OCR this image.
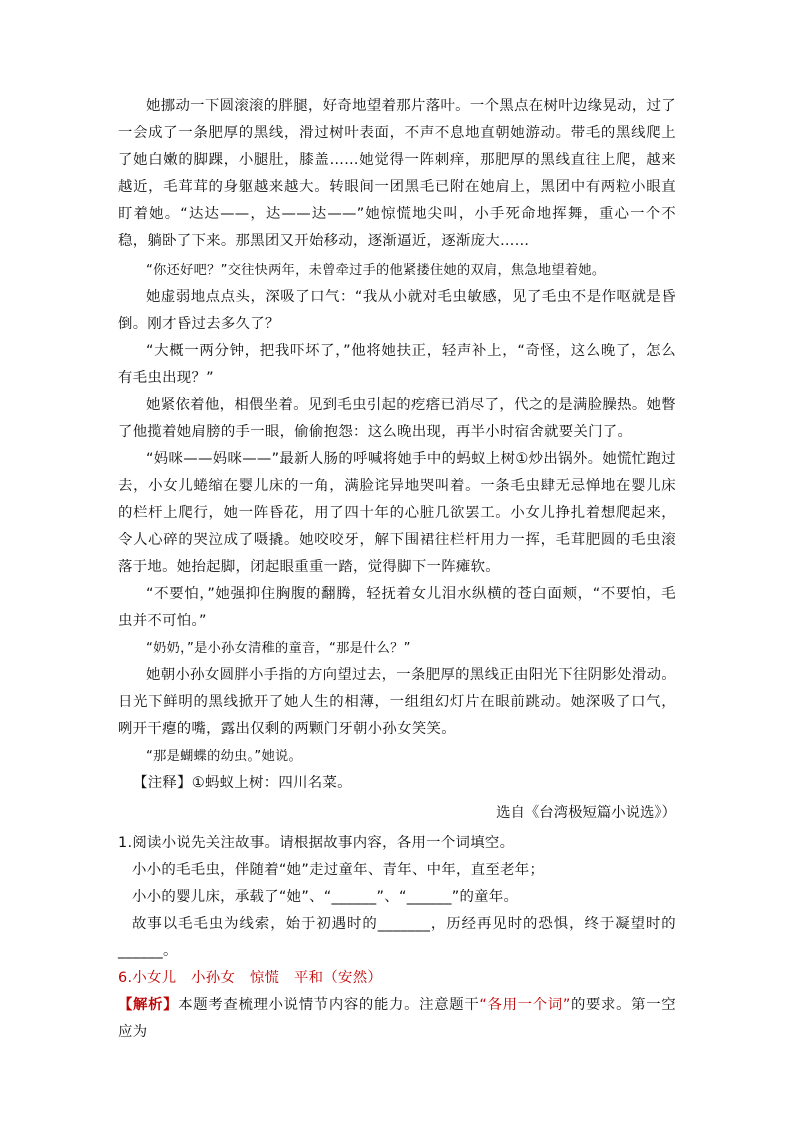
她挪动一下圆滚滚的胖腿，好奇地望着那片落叶。一个黑点在树叶边缘晃动，过了一会成了一条肥厚的黑线，滑过树叶表面，不声不息地直朝她游动。带毛的黑线爬上了她白嫩的脚踝，小腿肚，膝盖……她觉得一阵刺痒，那肥厚的黑线直往上爬，越来越近，毛茸茸的身躯越来越大。转眼间一团黑毛已附在她肩上，黑团中有两粒小眼直盯着她。“达达——，达——达——”她惊慌地尖叫，小手死命地挥舞，重心一个不稳，躺卧了下来。那黑团又开始移动，逐渐逼近，逐渐庞大……

“你还好吧？”交往快两年，未曾牵过手的他紧搂住她的双肩，焦急地望着她。

她虚弱地点点头，深吸了口气：“我从小就对毛虫敏感，见了毛虫不是作呕就是昏倒。刚才昏过去多久了？

“大概一两分钟，把我吓坏了，”他将她扶正，轻声补上，“奇怪，这么晚了，怎么有毛虫出现？”

她紧依着他，相偎坐着。见到毛虫引起的疙瘩已消尽了，代之的是满脸臊热。她瞥了他揽着她肩膀的手一眼，偷偷抱怨：这么晚出现，再半小时宿舍就要关门了。

“妈咪——妈咪——”最新人肠的呼喊将她手中的蚂蚁上树①炒出锅外。她慌忙跑过去，小女儿蜷缩在婴儿床的一角，满脸诧异地哭叫着。一条毛虫肆无忌惮地在婴儿床的栏杆上爬行，她一阵昏花，用了四十年的心脏几欲罢工。小女儿挣扎着想爬起来，令人心碎的哭泣成了嗫撬。她咬咬牙，解下围裙往栏杆用力一挥，毛茸肥圆的毛虫滚落于地。她抬起脚，闭起眼重重一踏，觉得脚下一阵瘫软。

“不要怕，”她强抑住胸腹的翻腾，轻抚着女儿泪水纵横的苍白面颊，“不要怕，毛虫并不可怕。”

“奶奶，”是小孙女清稚的童音，“那是什么？”

她朝小孙女圆胖小手指的方向望过去，一条肥厚的黑线正由阳光下往阴影处滑动。日光下鲜明的黑线掀开了她人生的相薄，一组组幻灯片在眼前跳动。她深吸了口气，咧开干瘪的嘴，露出仅剩的两颗门牙朝小孙女笑笑。

“那是蝴蝶的幼虫。”她说。

【注释】①蚂蚁上树：四川名菜。

选自《台湾极短篇小说选》）

1.阅读小说先关注故事。请根据故事内容，各用一个词填空。

小小的毛毛虫，伴随着“她”走过童年、青年、中年，直至老年；

小小的婴儿床，承载了“她”、“______”、“______”的童年。

故事以毛毛虫为线索，始于初遇时的_______，历经再见时的恐惧，终于凝望时的______。

6.小女儿　小孙女　惊慌　平和（安然）

【解析】本题考查梳理小说情节内容的能力。注意题干“各用一个词”的要求。第一空应为
